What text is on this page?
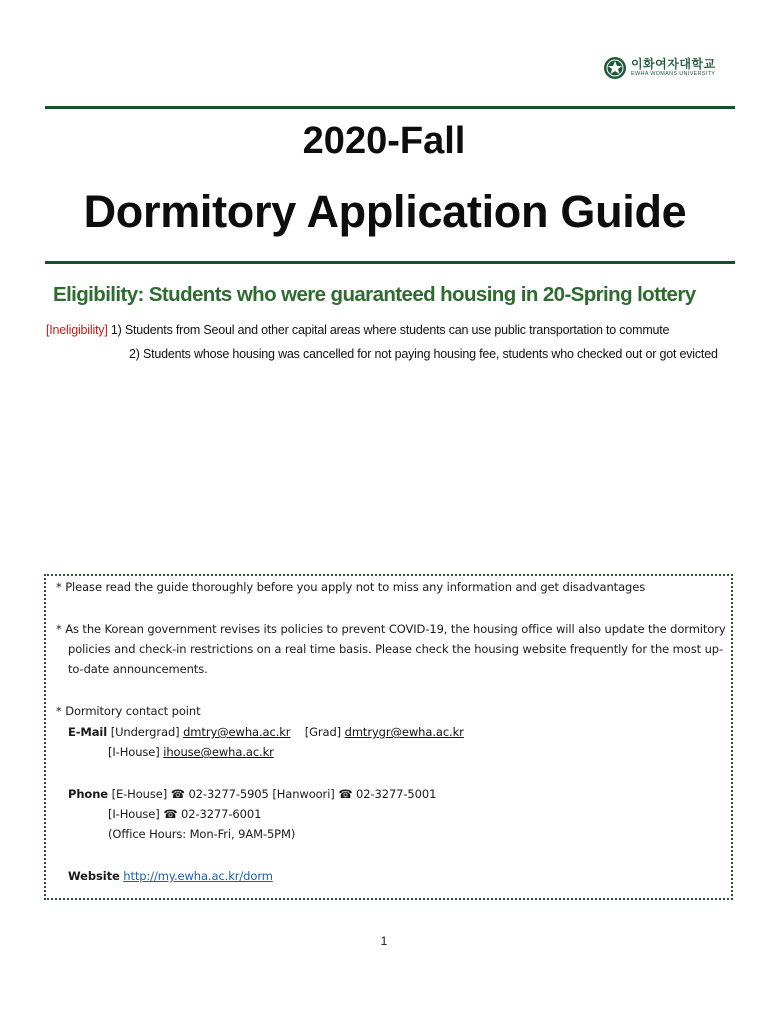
이화여자대학교
EWHA WOMANS UNIVERSITY
2020-Fall
Dormitory Application Guide
Eligibility: Students who were guaranteed housing in 20-Spring lottery
[Ineligibility] 1) Students from Seoul and other capital areas where students can use public transportation to commute
2) Students whose housing was cancelled for not paying housing fee, students who checked out or got evicted
* Please read the guide thoroughly before you apply not to miss any information and get disadvantages
* As the Korean government revises its policies to prevent COVID-19, the housing office will also update the dormitory
policies and check-in restrictions on a real time basis. Please check the housing website frequently for the most up-
to-date announcements.
* Dormitory contact point
E-Mail [Undergrad] dmtry@ewha.ac.kr [Grad] dmtrygr@ewha.ac.kr
[I-House] ihouse@ewha.ac.kr
Phone [E-House] ☎ 02-3277-5905 [Hanwoori] ☎ 02-3277-5001
[I-House] ☎ 02-3277-6001
(Office Hours: Mon-Fri, 9AM-5PM)
Website http://my.ewha.ac.kr/dorm
1
